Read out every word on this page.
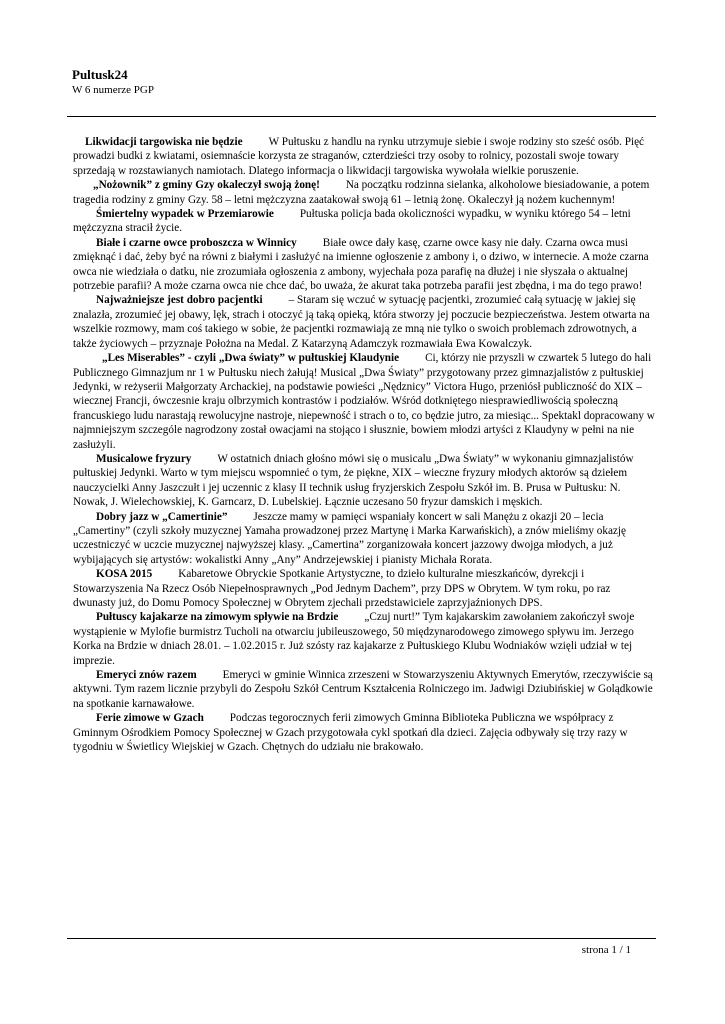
Pultusk24
W 6 numerze PGP

Likwidacji targowiska nie będzie W Pułtusku z handlu na rynku utrzymuje siebie i swoje rodziny sto sześć osób. Pięć prowadzi budki z kwiatami, osiemnaście korzysta ze straganów, czterdzieści trzy osoby to rolnicy, pozostali swoje towary sprzedają w rozstawianych namiotach. Dlatego informacja o likwidacji targowiska wywołała wielkie poruszenie.

„Nożownik” z gminy Gzy okaleczył swoją żonę! Na początku rodzinna sielanka, alkoholowe biesiadowanie, a potem tragedia rodziny z gminy Gzy. 58 – letni mężczyzna zaatakował swoją 61 – letnią żonę. Okaleczył ją nożem kuchennym!

Śmiertelny wypadek w Przemiarowie Pułtuska policja bada okoliczności wypadku, w wyniku którego 54 – letni mężczyzna stracił życie.

Białe i czarne owce proboszcza w Winnicy Białe owce dały kasę, czarne owce kasy nie dały. Czarna owca musi zmięknąć i dać, żeby być na równi z białymi i zasłużyć na imienne ogłoszenie z ambony i, o dziwo, w internecie. A może czarna owca nie wiedziała o datku, nie zrozumiała ogłoszenia z ambony, wyjechała poza parafię na dłużej i nie słyszała o aktualnej potrzebie parafii? A może czarna owca nie chce dać, bo uważa, że akurat taka potrzeba parafii jest zbędna, i ma do tego prawo!

Najważniejsze jest dobro pacjentki – Staram się wczuć w sytuację pacjentki, zrozumieć całą sytuację w jakiej się znalazła, zrozumieć jej obawy, lęk, strach i otoczyć ją taką opieką, która stworzy jej poczucie bezpieczeństwa. Jestem otwarta na wszelkie rozmowy, mam coś takiego w sobie, że pacjentki rozmawiają ze mną nie tylko o swoich problemach zdrowotnych, a także życiowych – przyznaje Położna na Medal. Z Katarzyną Adamczyk rozmawiała Ewa Kowalczyk.

„Les Miserables” - czyli „Dwa światy” w pułtuskiej Klaudynie Ci, którzy nie przyszli w czwartek 5 lutego do hali Publicznego Gimnazjum nr 1 w Pułtusku niech żałują! Musical „Dwa Światy” przygotowany przez gimnazjalistów z pułtuskiej Jedynki, w reżyserii Małgorzaty Archackiej, na podstawie powieści „Nędznicy” Victora Hugo, przeniósł publiczność do XIX – wiecznej Francji, ówczesnie kraju olbrzymich kontrastów i podziałów. Wśród dotkniętego niesprawiedliwością społeczną francuskiego ludu narastają rewolucyjne nastroje, niepewność i strach o to, co będzie jutro, za miesiąc... Spektakl dopracowany w najmniejszym szczególe nagrodzony został owacjami na stojąco i słusznie, bowiem młodzi artyści z Klaudyny w pełni na nie zasłużyli.

Musicalowe fryzury W ostatnich dniach głośno mówi się o musicalu „Dwa Światy” w wykonaniu gimnazjalistów pułtuskiej Jedynki. Warto w tym miejscu wspomnieć o tym, że piękne, XIX – wieczne fryzury młodych aktorów są dziełem nauczycielki Anny Jaszczułt i jej uczennic z klasy II technik usług fryzjerskich Zespołu Szkół im. B. Prusa w Pułtusku: N. Nowak, J. Wielechowskiej, K. Garncarz, D. Lubelskiej. Łącznie uczesano 50 fryzur damskich i męskich.

Dobry jazz w „Camertinie” Jeszcze mamy w pamięci wspaniały koncert w sali Manężu z okazji 20 – lecia „Camertiny” (czyli szkoły muzycznej Yamaha prowadzonej przez Martynę i Marka Karwańskich), a znów mieliśmy okazję uczestniczyć w uczcie muzycznej najwyższej klasy. „Camertina” zorganizowała koncert jazzowy dwojga młodych, a już wybijających się artystów: wokalistki Anny „Any” Andrzejewskiej i pianisty Michała Rorata.

KOSA 2015 Kabaretowe Obryckie Spotkanie Artystyczne, to dzieło kulturalne mieszkańców, dyrekcji i Stowarzyszenia Na Rzecz Osób Niepełnosprawnych „Pod Jednym Dachem”, przy DPS w Obrytem. W tym roku, po raz dwunasty już, do Domu Pomocy Społecznej w Obrytem zjechali przedstawiciele zaprzyjaźnionych DPS.

Pułtuscy kajakarze na zimowym spływie na Brdzie „Czuj nurt!” Tym kajakarskim zawołaniem zakończył swoje wystąpienie w Mylofie burmistrz Tucholi na otwarciu jubileuszowego, 50 międzynarodowego zimowego spływu im. Jerzego Korka na Brdzie w dniach 28.01. – 1.02.2015 r. Już szósty raz kajakarze z Pułtuskiego Klubu Wodniaków wzięli udział w tej imprezie.

Emeryci znów razem Emeryci w gminie Winnica zrzeszeni w Stowarzyszeniu Aktywnych Emerytów, rzeczywiście są aktywni. Tym razem licznie przybyli do Zespołu Szkół Centrum Kształcenia Rolniczego im. Jadwigi Dziubińskiej w Golądkowie na spotkanie karnawałowe.

Ferie zimowe w Gzach Podczas tegorocznych ferii zimowych Gminna Biblioteka Publiczna we współpracy z Gminnym Ośrodkiem Pomocy Społecznej w Gzach przygotowała cykl spotkań dla dzieci. Zajęcia odbywały się trzy razy w tygodniu w Świetlicy Wiejskiej w Gzach. Chętnych do udziału nie brakowało.

strona 1 / 1
